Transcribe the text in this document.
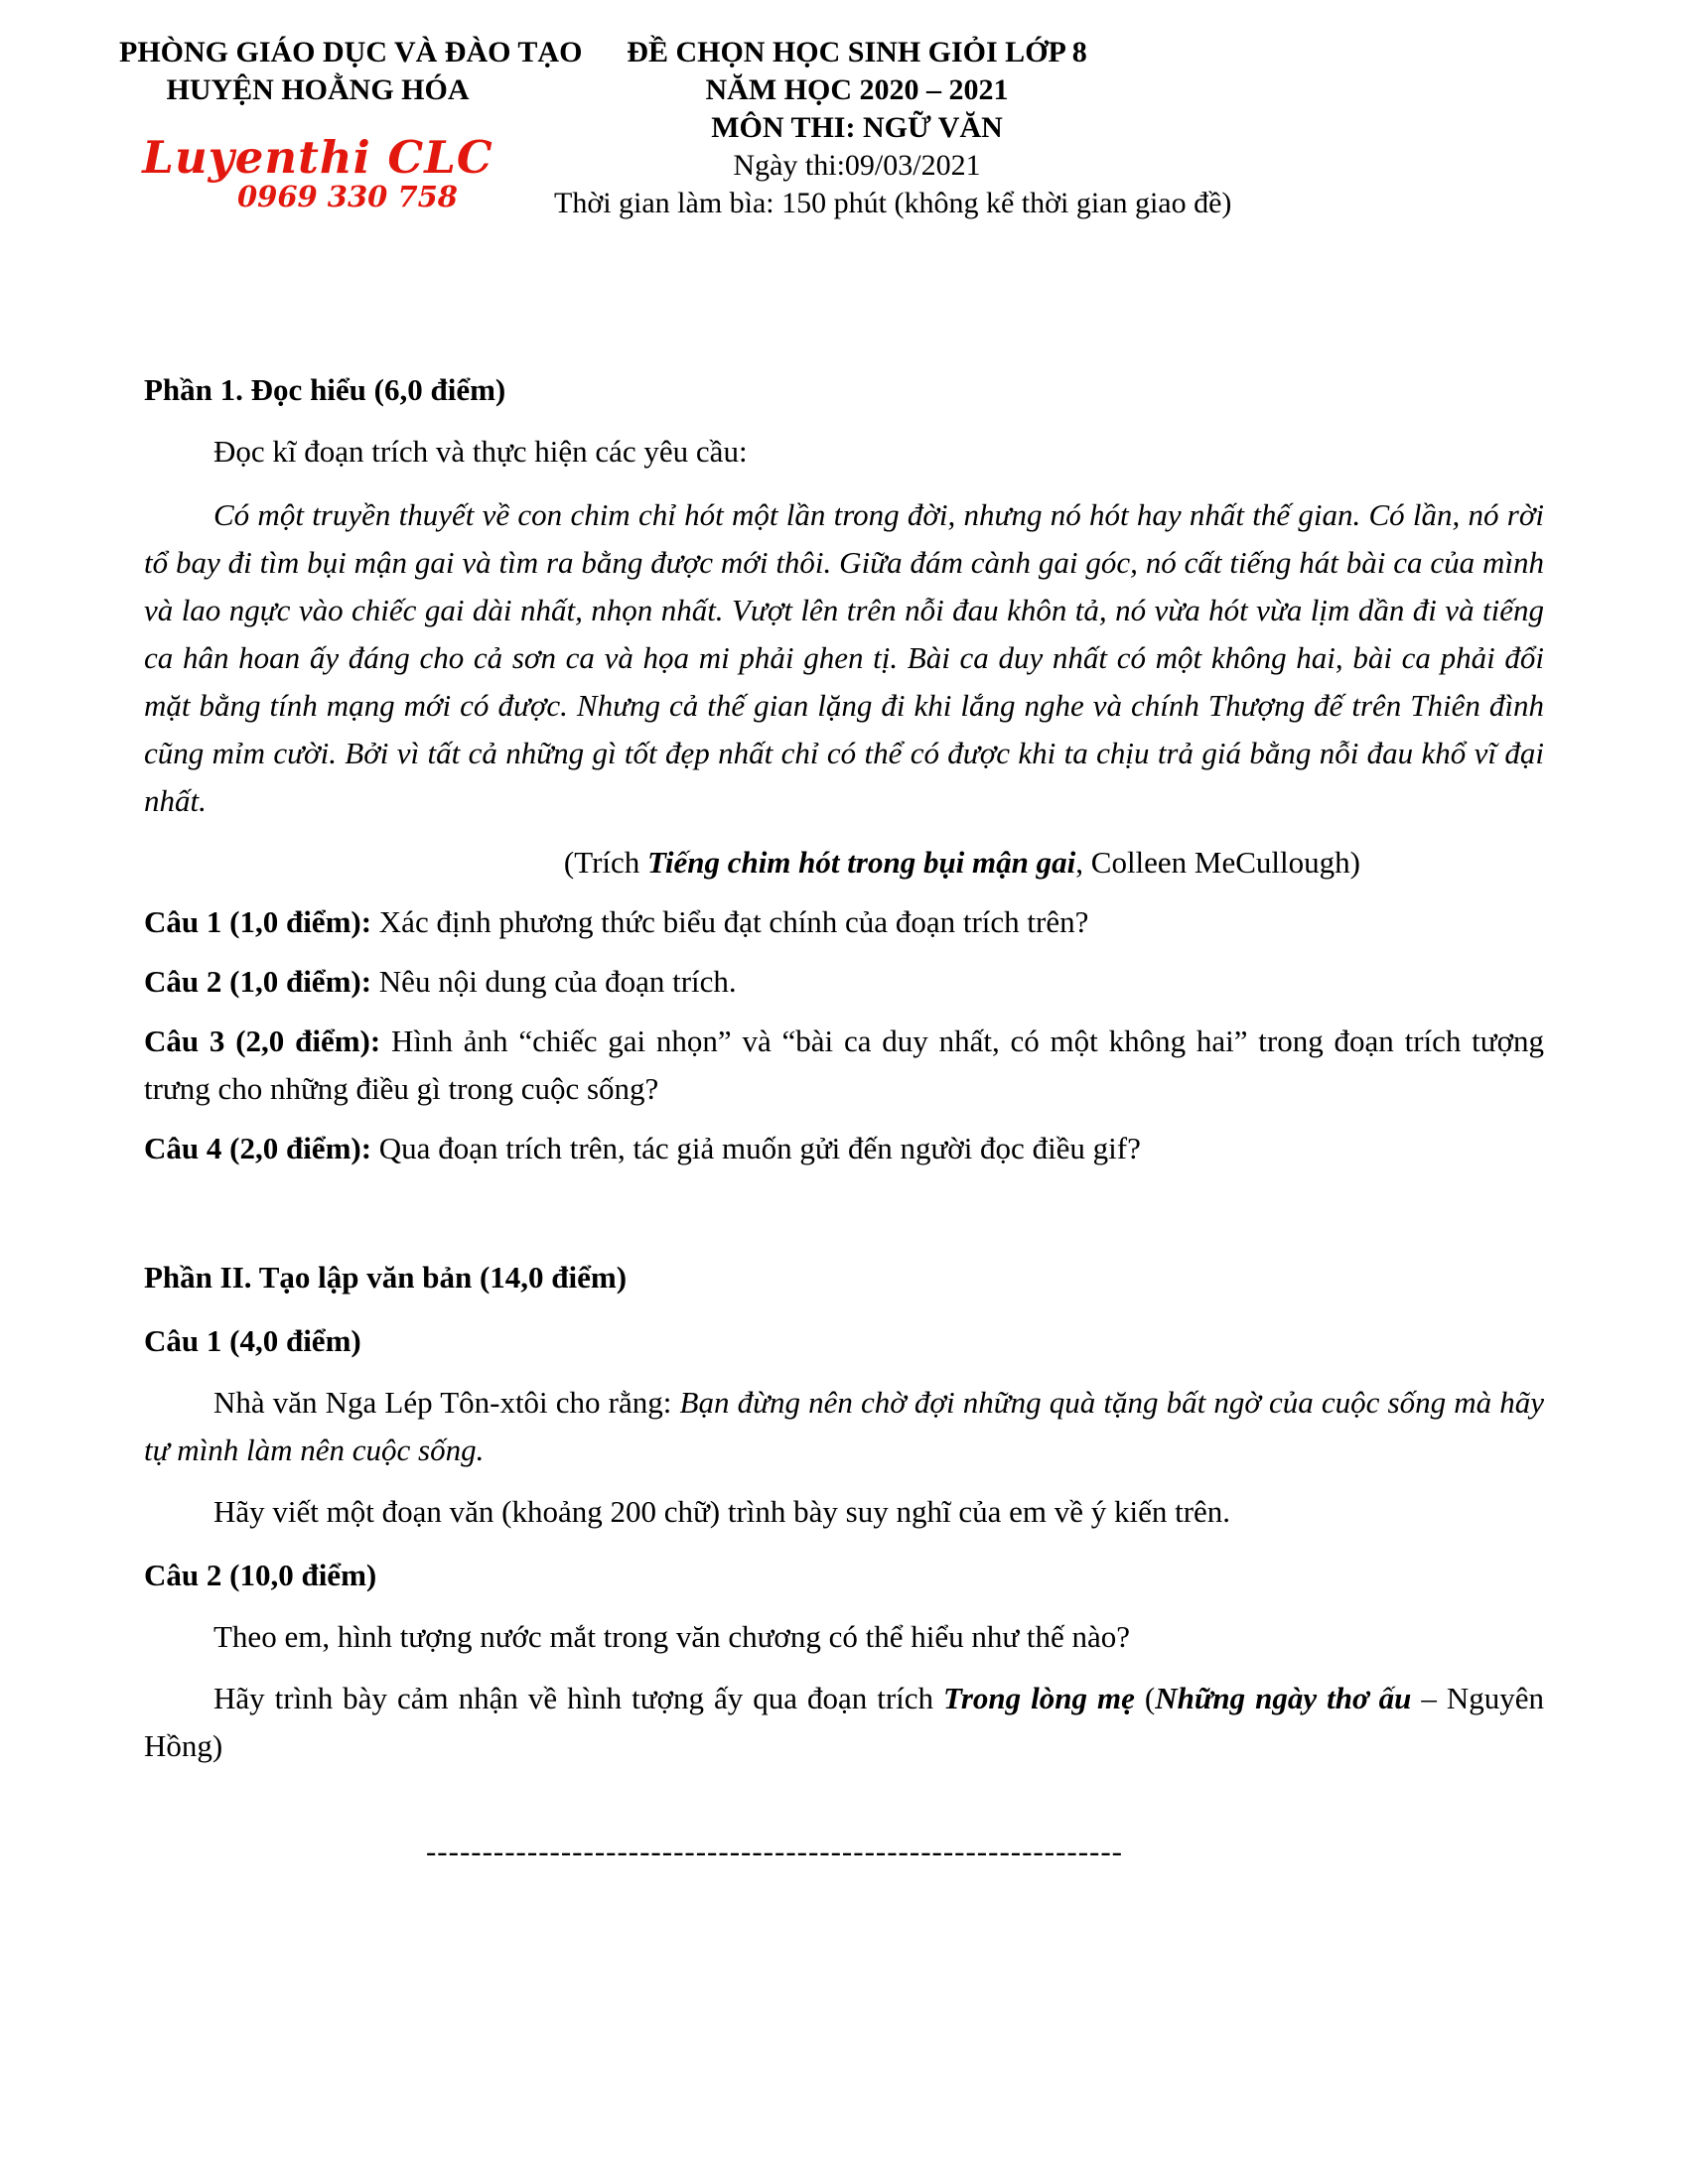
PHÒNG GIÁO DỤC VÀ ĐÀO TẠO
HUYỆN HOẰNG HÓA
Luyenthi CLC
0969 330 758
ĐỀ CHỌN HỌC SINH GIỎI LỚP 8
NĂM HỌC 2020 – 2021
MÔN THI: NGỮ VĂN
Ngày thi:09/03/2021
Thời gian làm bìa: 150 phút (không kể thời gian giao đề)

Phần 1. Đọc hiểu (6,0 điểm)

Đọc kĩ đoạn trích và thực hiện các yêu cầu:

Có một truyền thuyết về con chim chỉ hót một lần trong đời, nhưng nó hót hay nhất thế gian. Có lần, nó rời tổ bay đi tìm bụi mận gai và tìm ra bằng được mới thôi. Giữa đám cành gai góc, nó cất tiếng hát bài ca của mình và lao ngực vào chiếc gai dài nhất, nhọn nhất. Vượt lên trên nỗi đau khôn tả, nó vừa hót vừa lịm dần đi và tiếng ca hân hoan ấy đáng cho cả sơn ca và họa mi phải ghen tị. Bài ca duy nhất có một không hai, bài ca phải đổi mặt bằng tính mạng mới có được. Nhưng cả thế gian lặng đi khi lắng nghe và chính Thượng đế trên Thiên đình cũng mỉm cười. Bởi vì tất cả những gì tốt đẹp nhất chỉ có thể có được khi ta chịu trả giá bằng nỗi đau khổ vĩ đại nhất.

(Trích Tiếng chim hót trong bụi mận gai, Colleen MeCullough)

Câu 1 (1,0 điểm): Xác định phương thức biểu đạt chính của đoạn trích trên?

Câu 2 (1,0 điểm): Nêu nội dung của đoạn trích.

Câu 3 (2,0 điểm): Hình ảnh “chiếc gai nhọn” và “bài ca duy nhất, có một không hai” trong đoạn trích tượng trưng cho những điều gì trong cuộc sống?

Câu 4 (2,0 điểm): Qua đoạn trích trên, tác giả muốn gửi đến người đọc điều gif?

Phần II. Tạo lập văn bản (14,0 điểm)

Câu 1 (4,0 điểm)

Nhà văn Nga Lép Tôn-xtôi cho rằng: Bạn đừng nên chờ đợi những quà tặng bất ngờ của cuộc sống mà hãy tự mình làm nên cuộc sống.

Hãy viết một đoạn văn (khoảng 200 chữ) trình bày suy nghĩ của em về ý kiến trên.

Câu 2 (10,0 điểm)

Theo em, hình tượng nước mắt trong văn chương có thể hiểu như thế nào?

Hãy trình bày cảm nhận về hình tượng ấy qua đoạn trích Trong lòng mẹ (Những ngày thơ ấu – Nguyên Hồng)

--------------------------------------------------------------
